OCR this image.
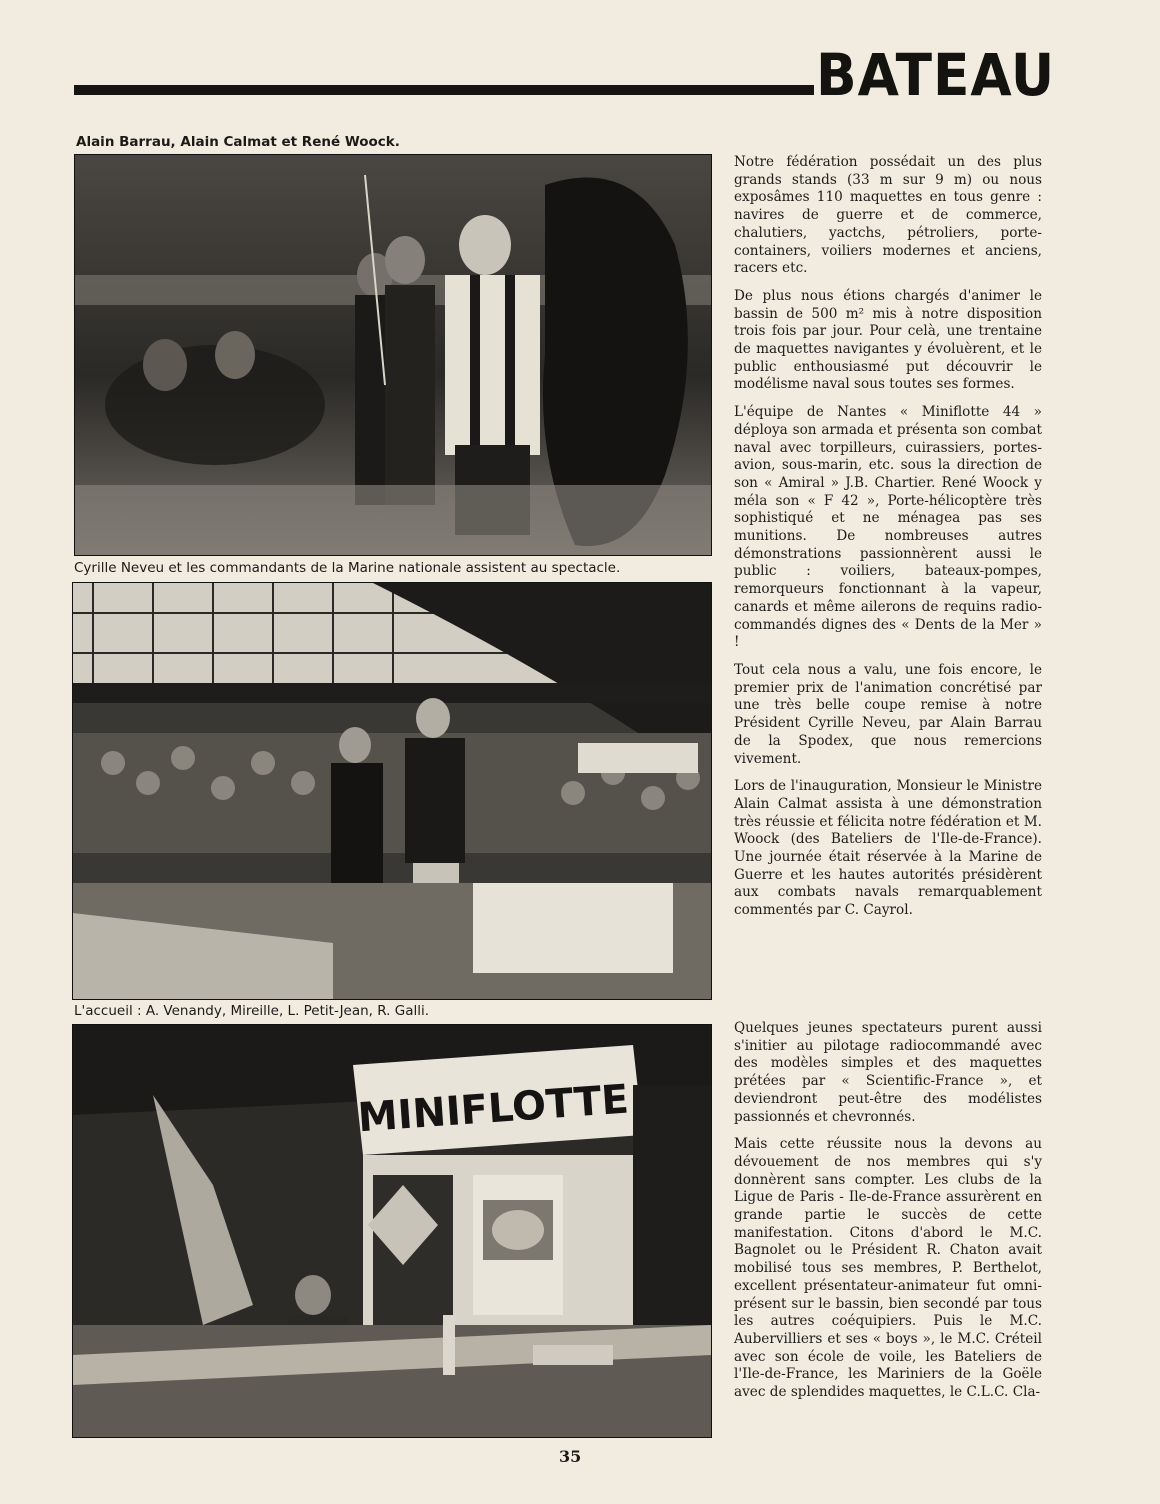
BATEAU
Alain Barrau, Alain Calmat et René Woock.
Cyrille Neveu et les commandants de la Marine nationale assistent au spectacle.
L'accueil : A. Venandy, Mireille, L. Petit-Jean, R. Galli.
MINIFLOTTE

Notre fédération possédait un des plus grands stands (33 m sur 9 m) ou nous exposâmes 110 maquettes en tous genre : navires de guerre et de commerce, chalutiers, yactchs, pétroliers, porte-containers, voiliers modernes et anciens, racers etc.

De plus nous étions chargés d'animer le bassin de 500 m² mis à notre disposition trois fois par jour. Pour celà, une trentaine de maquettes navigantes y évoluèrent, et le public enthousiasmé put découvrir le modélisme naval sous toutes ses formes.

L'équipe de Nantes « Miniflotte 44 » déploya son armada et présenta son combat naval avec torpilleurs, cuirassiers, portes-avion, sous-marin, etc. sous la direction de son « Amiral » J.B. Chartier. René Woock y méla son « F 42 », Porte-hélicoptère très sophistiqué et ne ménagea pas ses munitions. De nombreuses autres démonstrations passionnèrent aussi le public : voiliers, bateaux-pompes, remorqueurs fonctionnant à la vapeur, canards et même ailerons de requins radio-commandés dignes des « Dents de la Mer » !

Tout cela nous a valu, une fois encore, le premier prix de l'animation concrétisé par une très belle coupe remise à notre Président Cyrille Neveu, par Alain Barrau de la Spodex, que nous remercions vivement.

Lors de l'inauguration, Monsieur le Ministre Alain Calmat assista à une démonstration très réussie et félicita notre fédération et M. Woock (des Bateliers de l'Ile-de-France). Une journée était réservée à la Marine de Guerre et les hautes autorités présidèrent aux combats navals remarquablement commentés par C. Cayrol.

Quelques jeunes spectateurs purent aussi s'initier au pilotage radiocommandé avec des modèles simples et des maquettes prétées par « Scientific-France », et deviendront peut-être des modélistes passionnés et chevronnés.

Mais cette réussite nous la devons au dévouement de nos membres qui s'y donnèrent sans compter. Les clubs de la Ligue de Paris - Ile-de-France assurèrent en grande partie le succès de cette manifestation. Citons d'abord le M.C. Bagnolet ou le Président R. Chaton avait mobilisé tous ses membres, P. Berthelot, excellent présentateur-animateur fut omni-présent sur le bassin, bien secondé par tous les autres coéquipiers. Puis le M.C. Aubervilliers et ses « boys », le M.C. Créteil avec son école de voile, les Bateliers de l'Ile-de-France, les Mariniers de la Goële avec de splendides maquettes, le C.L.C. Cla-

35
